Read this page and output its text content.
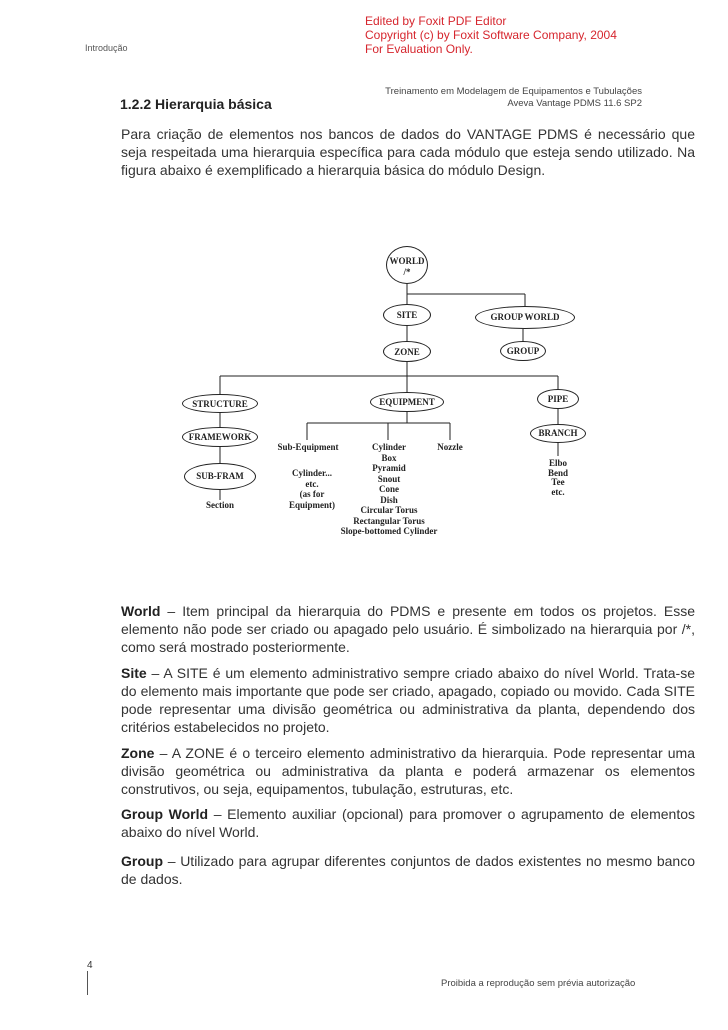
Edited by Foxit PDF Editor
Copyright (c) by Foxit Software Company, 2004
For Evaluation Only.
Introdução
Treinamento em Modelagem de Equipamentos e Tubulações
Aveva Vantage PDMS 11.6 SP2
1.2.2 Hierarquia básica
Para criação de elementos nos bancos de dados do VANTAGE PDMS é necessário que seja respeitada uma hierarquia específica para cada módulo que esteja sendo utilizado. Na figura abaixo é exemplificado a hierarquia básica do módulo Design.
WORLD
/*
SITE	GROUP WORLD
ZONE	GROUP
STRUCTURE	EQUIPMENT	PIPE
FRAMEWORK	BRANCH
SUB-FRAM
Section
Sub-Equipment
Cylinder...
etc.
(as for
Equipment)
Nozzle
Cylinder
Box
Pyramid
Snout
Cone
Dish
Circular Torus
Rectangular Torus
Slope-bottomed Cylinder
Elbo
Bend
Tee
etc.
World – Item principal da hierarquia do PDMS e presente em todos os projetos. Esse elemento não pode ser criado ou apagado pelo usuário. É simbolizado na hierarquia por /*, como será mostrado posteriormente.
Site – A SITE é um elemento administrativo sempre criado abaixo do nível World. Trata-se do elemento mais importante que pode ser criado, apagado, copiado ou movido. Cada SITE pode representar uma divisão geométrica ou administrativa da planta, dependendo dos critérios estabelecidos no projeto.
Zone – A ZONE é o terceiro elemento administrativo da hierarquia. Pode representar uma divisão geométrica ou administrativa da planta e poderá armazenar os elementos construtivos, ou seja, equipamentos, tubulação, estruturas, etc.
Group World – Elemento auxiliar (opcional) para promover o agrupamento de elementos abaixo do nível World.
Group – Utilizado para agrupar diferentes conjuntos de dados existentes no mesmo banco de dados.
4
Proibida a reprodução sem prévia autorização
